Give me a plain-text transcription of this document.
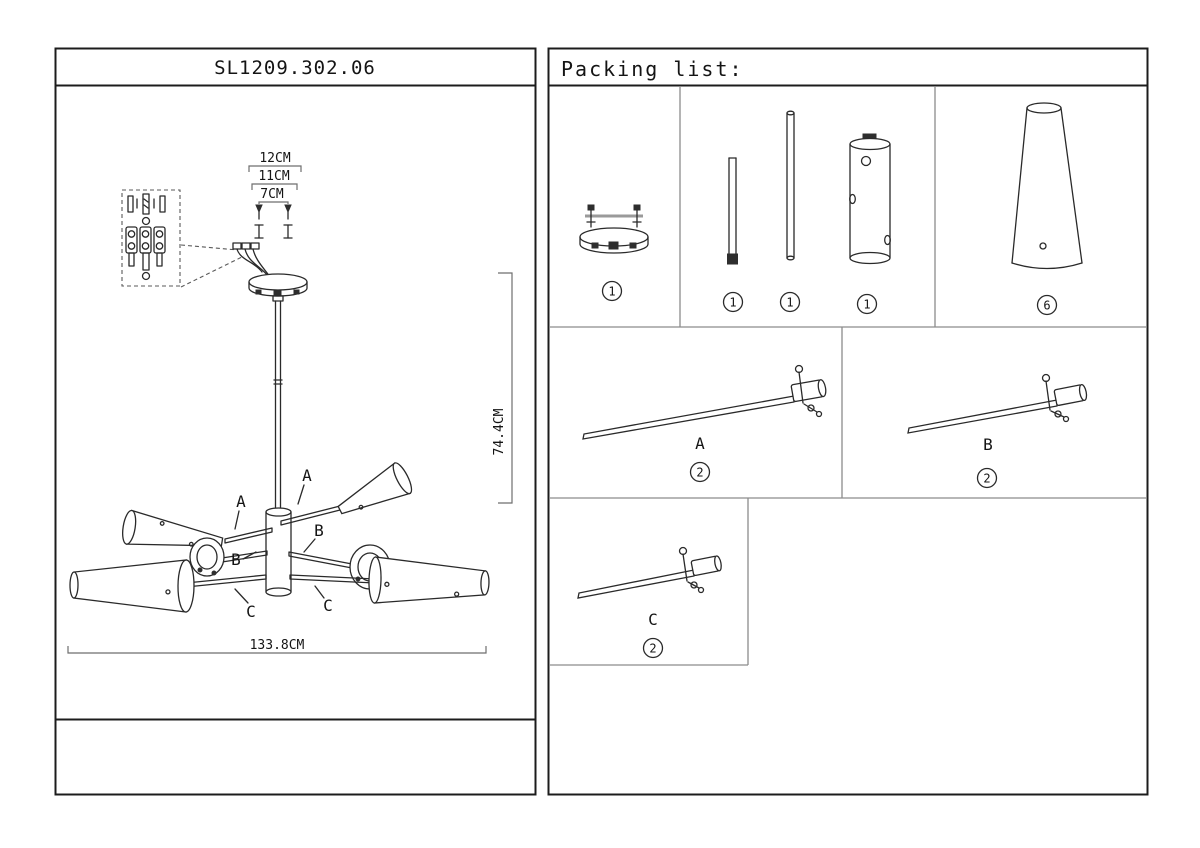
SL1209.302.06
12CM
11CM
7CM
A
A
B
B
C	C
133.8CM
74.4CM
Packing list:
1
1	1	1	6
A
2
B
2
C
2
